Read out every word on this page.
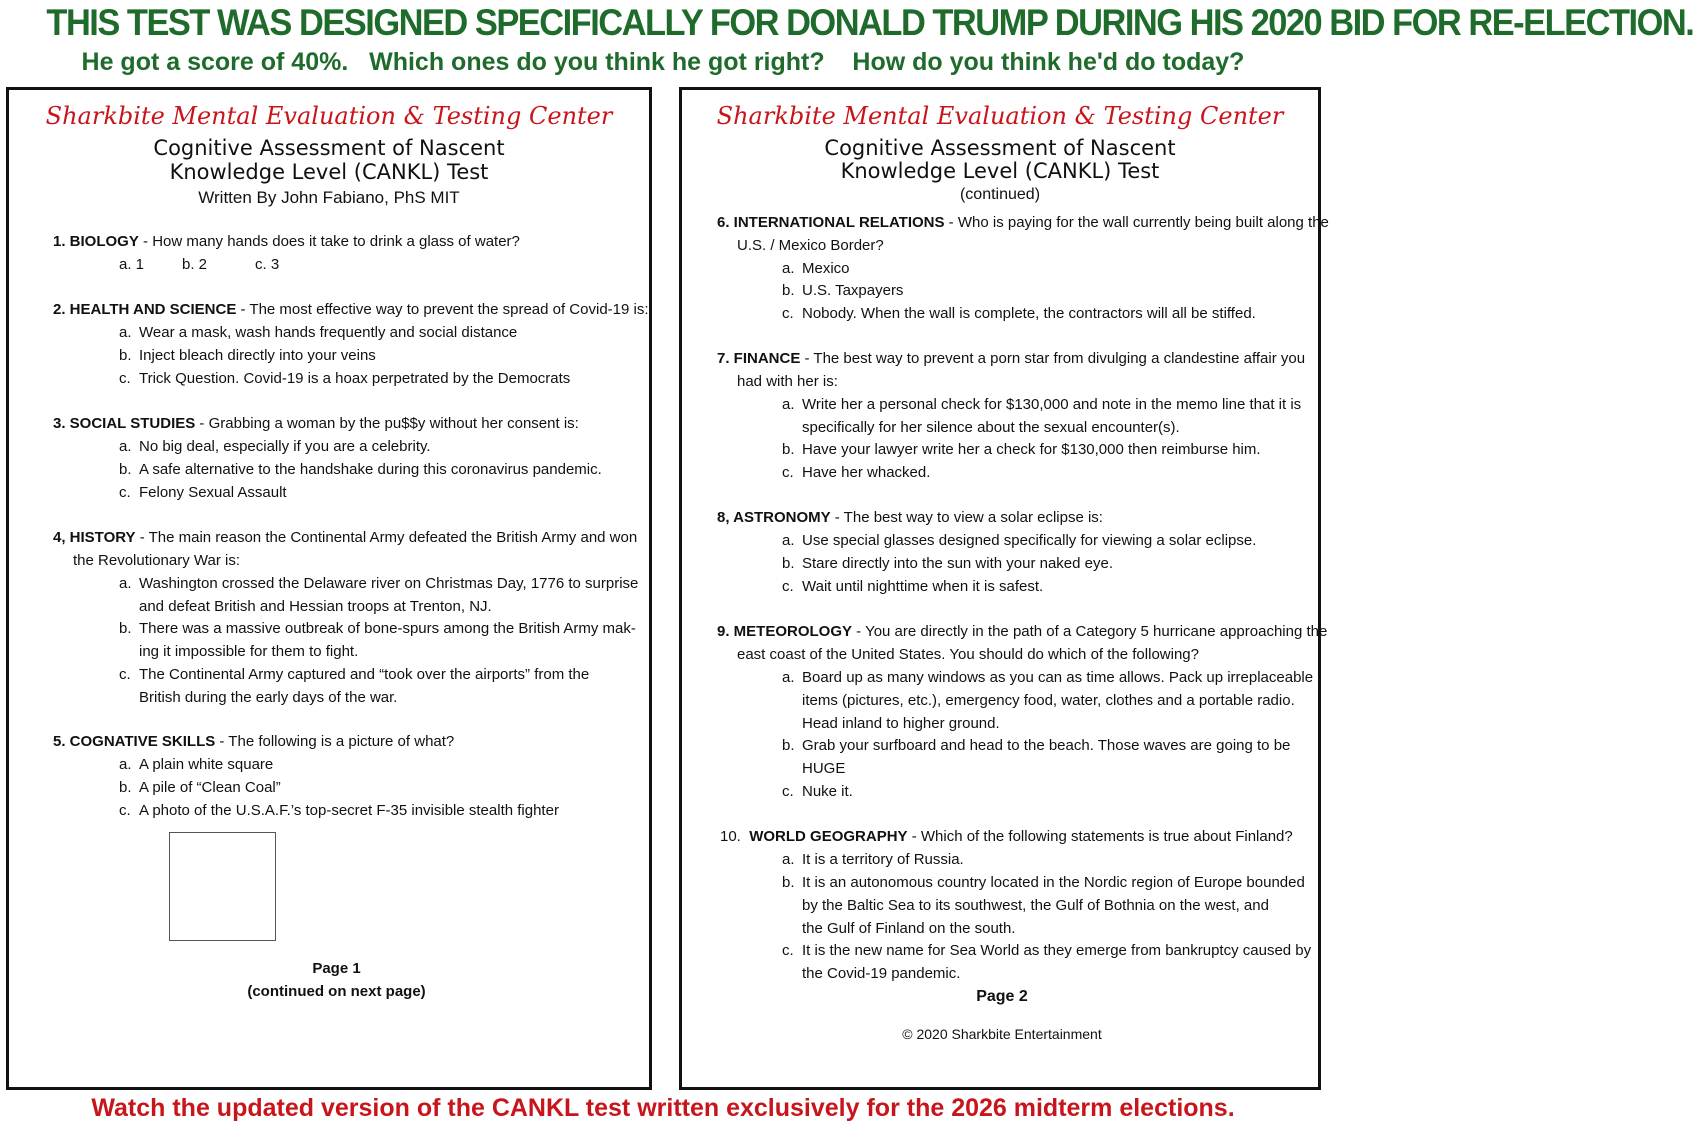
THIS TEST WAS DESIGNED SPECIFICALLY FOR DONALD TRUMP DURING HIS 2020 BID FOR RE-ELECTION.
He got a score of 40%.   Which ones do you think he got right?    How do you think he'd do today?
Sharkbite Mental Evaluation & Testing Center
Cognitive Assessment of Nascent
Knowledge Level (CANKL) Test
Written By John Fabiano, PhS MIT
1. BIOLOGY - How many hands does it take to drink a glass of water?
a. 1	b. 2	c. 3
2. HEALTH AND SCIENCE - The most effective way to prevent the spread of Covid-19 is:
a. Wear a mask, wash hands frequently and social distance
b. Inject bleach directly into your veins
c. Trick Question. Covid-19 is a hoax perpetrated by the Democrats
3. SOCIAL STUDIES - Grabbing a woman by the pu$$y without her consent is:
a. No big deal, especially if you are a celebrity.
b. A safe alternative to the handshake during this coronavirus pandemic.
c. Felony Sexual Assault
4, HISTORY - The main reason the Continental Army defeated the British Army and won
the Revolutionary War is:
a. Washington crossed the Delaware river on Christmas Day, 1776 to surprise
and defeat British and Hessian troops at Trenton, NJ.
b. There was a massive outbreak of bone-spurs among the British Army mak-
ing it impossible for them to fight.
c. The Continental Army captured and “took over the airports” from the
British during the early days of the war.
5. COGNATIVE SKILLS - The following is a picture of what?
a. A plain white square
b. A pile of “Clean Coal”
c. A photo of the U.S.A.F.’s top-secret F-35 invisible stealth fighter
Page 1
(continued on next page)
Sharkbite Mental Evaluation & Testing Center
Cognitive Assessment of Nascent
Knowledge Level (CANKL) Test
(continued)
6. INTERNATIONAL RELATIONS - Who is paying for the wall currently being built along the
U.S. / Mexico Border?
a. Mexico
b. U.S. Taxpayers
c. Nobody. When the wall is complete, the contractors will all be stiffed.
7. FINANCE - The best way to prevent a porn star from divulging a clandestine affair you
had with her is:
a. Write her a personal check for $130,000 and note in the memo line that it is
specifically for her silence about the sexual encounter(s).
b. Have your lawyer write her a check for $130,000 then reimburse him.
c. Have her whacked.
8, ASTRONOMY - The best way to view a solar eclipse is:
a. Use special glasses designed specifically for viewing a solar eclipse.
b. Stare directly into the sun with your naked eye.
c. Wait until nighttime when it is safest.
9. METEOROLOGY - You are directly in the path of a Category 5 hurricane approaching the
east coast of the United States. You should do which of the following?
a. Board up as many windows as you can as time allows. Pack up irreplaceable
items (pictures, etc.), emergency food, water, clothes and a portable radio.
Head inland to higher ground.
b. Grab your surfboard and head to the beach. Those waves are going to be
HUGE
c. Nuke it.
10. WORLD GEOGRAPHY - Which of the following statements is true about Finland?
a. It is a territory of Russia.
b. It is an autonomous country located in the Nordic region of Europe bounded
by the Baltic Sea to its southwest, the Gulf of Bothnia on the west, and
the Gulf of Finland on the south.
c. It is the new name for Sea World as they emerge from bankruptcy caused by
the Covid-19 pandemic.
Page 2
© 2020 Sharkbite Entertainment
Watch the updated version of the CANKL test written exclusively for the 2026 midterm elections.
